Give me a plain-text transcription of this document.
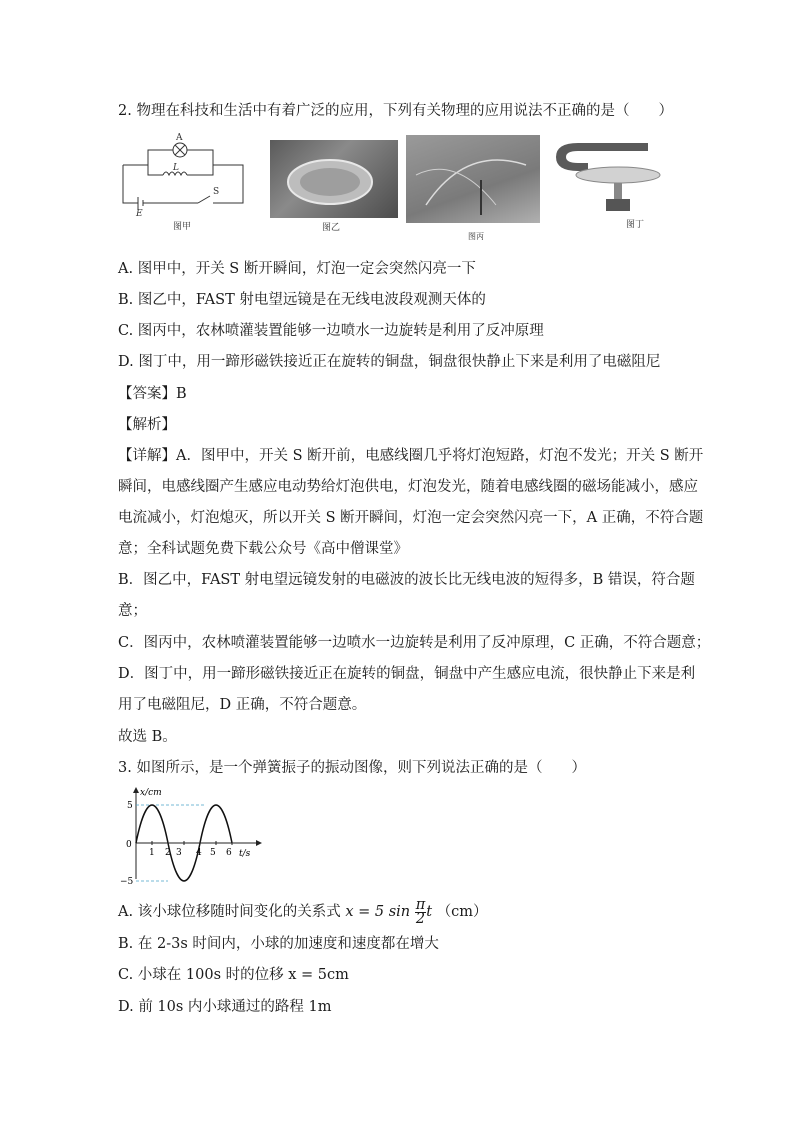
2. 物理在科技和生活中有着广泛的应用，下列有关物理的应用说法不正确的是（　　）
A
L
S
E
图甲	图乙
图丙
图丁
A. 图甲中，开关 S 断开瞬间，灯泡一定会突然闪亮一下
B. 图乙中，FAST 射电望远镜是在无线电波段观测天体的
C. 图丙中，农林喷灌装置能够一边喷水一边旋转是利用了反冲原理
D. 图丁中，用一蹄形磁铁接近正在旋转的铜盘，铜盘很快静止下来是利用了电磁阻尼
【答案】B
【解析】
【详解】A．图甲中，开关 S 断开前，电感线圈几乎将灯泡短路，灯泡不发光；开关 S 断开
瞬间，电感线圈产生感应电动势给灯泡供电，灯泡发光，随着电感线圈的磁场能减小，感应
电流减小，灯泡熄灭，所以开关 S 断开瞬间，灯泡一定会突然闪亮一下，A 正确，不符合题
意；全科试题免费下载公众号《高中僧课堂》
B．图乙中，FAST 射电望远镜发射的电磁波的波长比无线电波的短得多，B 错误，符合题
意；
C．图丙中，农林喷灌装置能够一边喷水一边旋转是利用了反冲原理，C 正确，不符合题意；
D．图丁中，用一蹄形磁铁接近正在旋转的铜盘，铜盘中产生感应电流，很快静止下来是利
用了电磁阻尼，D 正确，不符合题意。
故选 B。
3. 如图所示，是一个弹簧振子的振动图像，则下列说法正确的是（　　）
x/cm
t/s
0
5
−5
1 2 3 4 5 6
A. 该小球位移随时间变化的关系式 x = 5 $\sin \frac{\pi}{2}$ t （cm）
B. 在 2-3s 时间内，小球的加速度和速度都在增大
C. 小球在 100s 时的位移 x = 5cm
D. 前 10s 内小球通过的路程 1m
